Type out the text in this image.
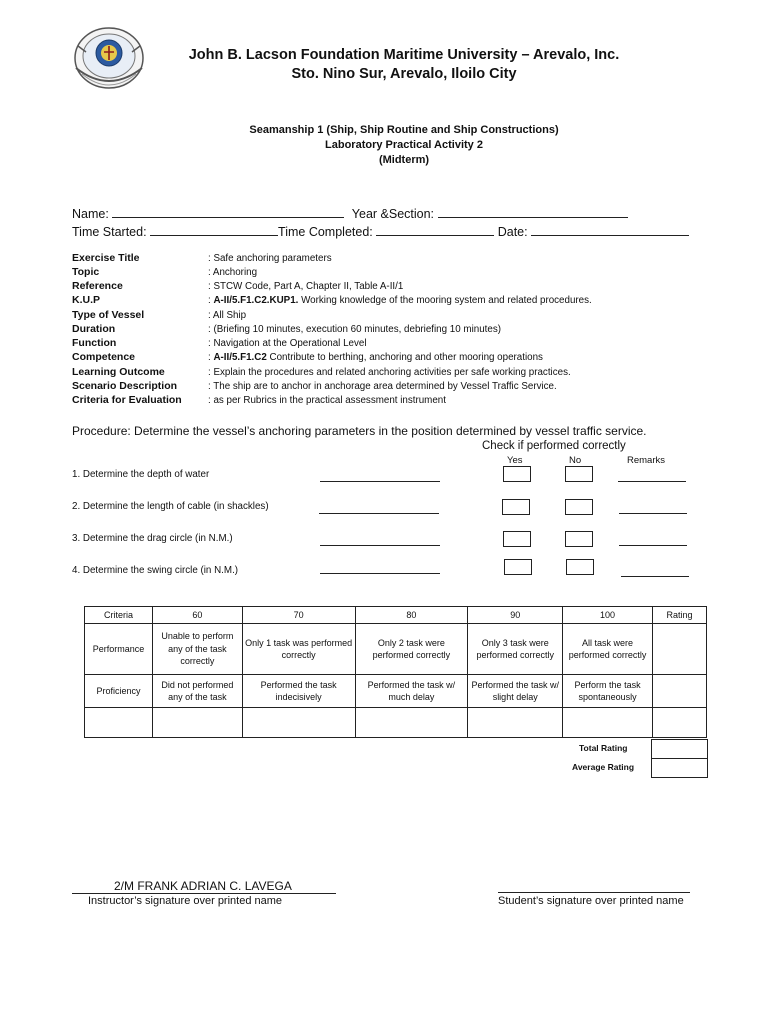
John B. Lacson Foundation Maritime University – Arevalo, Inc.
Sto. Nino Sur, Arevalo, Iloilo City
Seamanship 1 (Ship, Ship Routine and Ship Constructions)
Laboratory Practical Activity 2
(Midterm)
Name:	Year &Section:
Time Started:	Time Completed:	Date:
Exercise Title	: Safe anchoring parameters
Topic	: Anchoring
Reference	: STCW Code, Part A, Chapter II, Table A-II/1
K.U.P	: A-II/5.F1.C2.KUP1. Working knowledge of the mooring system and related procedures.
Type of Vessel	: All Ship
Duration	: (Briefing 10 minutes, execution 60 minutes, debriefing 10 minutes)
Function	: Navigation at the Operational Level
Competence	: A-II/5.F1.C2 Contribute to berthing, anchoring and other mooring operations
Learning Outcome	: Explain the procedures and related anchoring activities per safe working practices.
Scenario Description	: The ship are to anchor in anchorage area determined by Vessel Traffic Service.
Criteria for Evaluation	: as per Rubrics in the practical assessment instrument
Procedure: Determine the vessel’s anchoring parameters in the position determined by vessel traffic service.
Check if performed correctly
Yes	No	Remarks
1. Determine the depth of water
2. Determine the length of cable (in shackles)
3. Determine the drag circle (in N.M.)
4. Determine the swing circle (in N.M.)
Criteria	60	70	80	90	100	Rating
Performance	Unable to perform any of the task correctly	Only 1 task was performed correctly	Only 2 task were performed correctly	Only 3 task were performed correctly	All task were performed correctly	
Proficiency	Did not performed any of the task	Performed the task indecisively	Performed the task w/ much delay	Performed the task w/ slight delay	Perform the task spontaneously	

Total Rating
Average Rating
2/M FRANK ADRIAN C. LAVEGA
Instructor’s signature over printed name	Student’s signature over printed name
